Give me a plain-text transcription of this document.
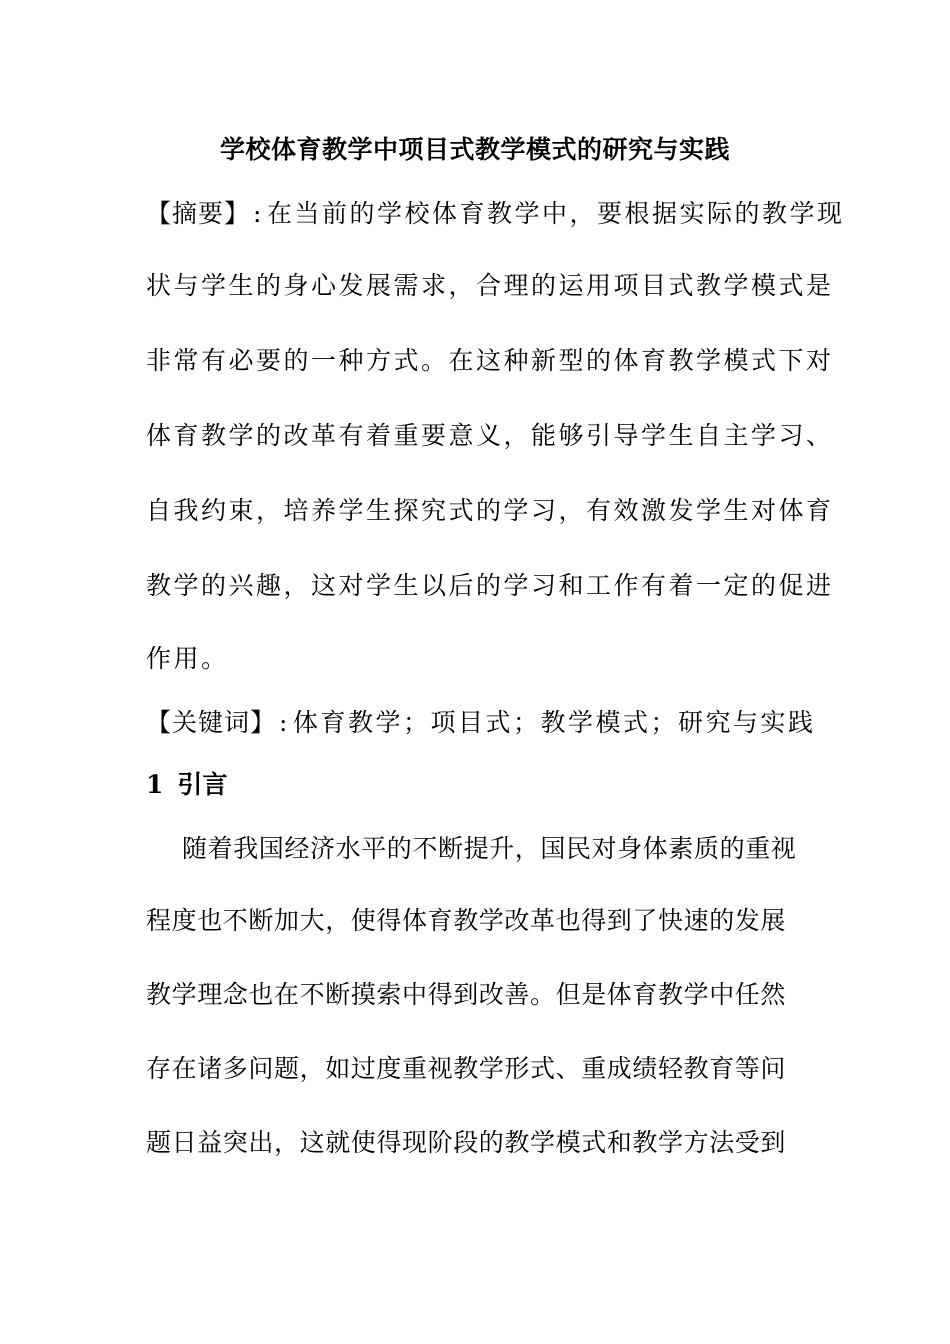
学校体育教学中项目式教学模式的研究与实践
【摘要】 : 在当前的学校体育教学中，要根据实际的教学现
状与学生的身心发展需求，合理的运用项目式教学模式是
非常有必要的一种方式。在这种新型的体育教学模式下对
体育教学的改革有着重要意义，能够引导学生自主学习、
自我约束，培养学生探究式的学习，有效激发学生对体育
教学的兴趣，这对学生以后的学习和工作有着一定的促进
作用。
【关键词】 : 体育教学；项目式；教学模式；研究与实践
1 引言
随着我国经济水平的不断提升，国民对身体素质的重视
程度也不断加大，使得体育教学改革也得到了快速的发展
教学理念也在不断摸索中得到改善。但是体育教学中任然
存在诸多问题，如过度重视教学形式、重成绩轻教育等问
题日益突出，这就使得现阶段的教学模式和教学方法受到
